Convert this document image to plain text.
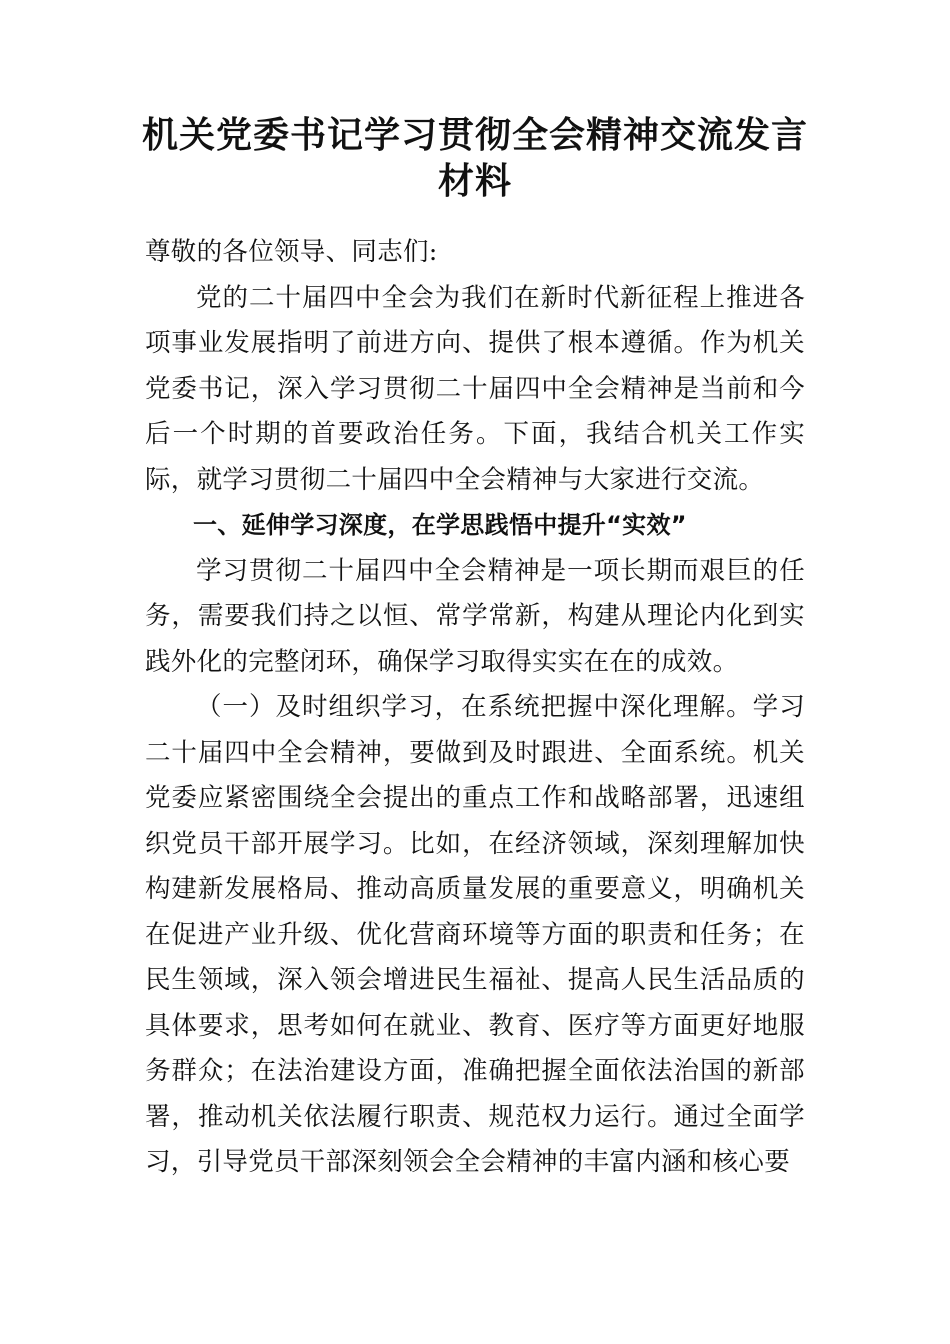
机关党委书记学习贯彻全会精神交流发言材料

尊敬的各位领导、同志们:

党的二十届四中全会为我们在新时代新征程上推进各项事业发展指明了前进方向、提供了根本遵循。作为机关党委书记，深入学习贯彻二十届四中全会精神是当前和今后一个时期的首要政治任务。下面，我结合机关工作实际，就学习贯彻二十届四中全会精神与大家进行交流。

一、延伸学习深度，在学思践悟中提升“实效”

学习贯彻二十届四中全会精神是一项长期而艰巨的任务，需要我们持之以恒、常学常新，构建从理论内化到实践外化的完整闭环，确保学习取得实实在在的成效。

（一）及时组织学习，在系统把握中深化理解。学习二十届四中全会精神，要做到及时跟进、全面系统。机关党委应紧密围绕全会提出的重点工作和战略部署，迅速组织党员干部开展学习。比如，在经济领域，深刻理解加快构建新发展格局、推动高质量发展的重要意义，明确机关在促进产业升级、优化营商环境等方面的职责和任务；在民生领域，深入领会增进民生福祉、提高人民生活品质的具体要求，思考如何在就业、教育、医疗等方面更好地服务群众；在法治建设方面，准确把握全面依法治国的新部署，推动机关依法履行职责、规范权力运行。通过全面学习，引导党员干部深刻领会全会精神的丰富内涵和核心要
